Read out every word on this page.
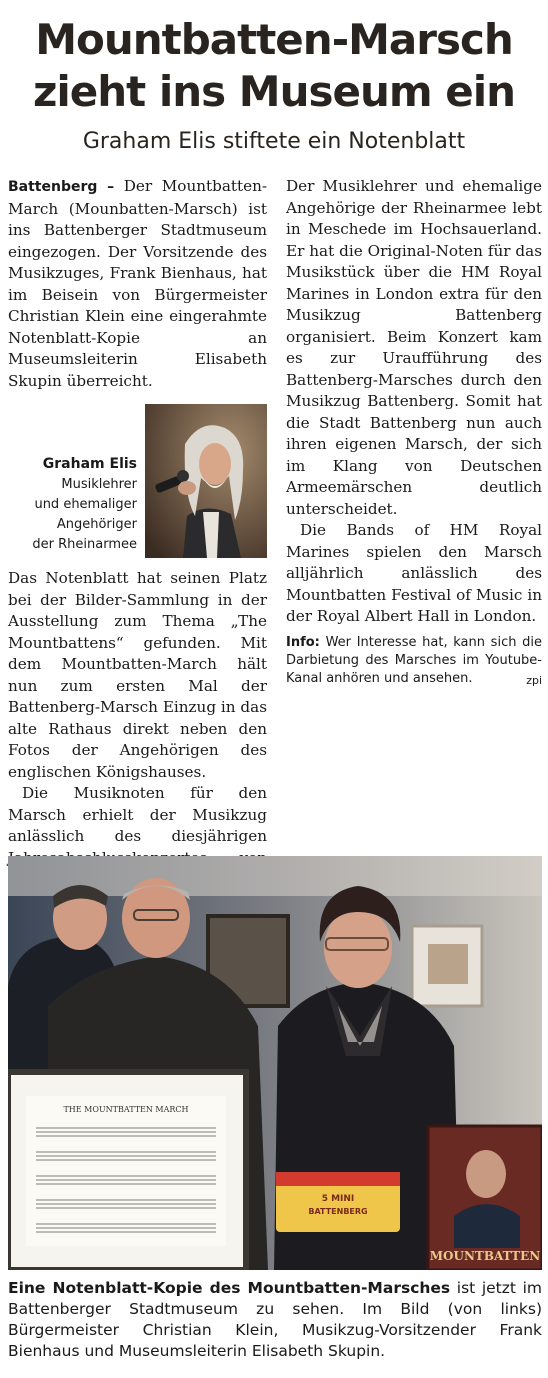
Mountbatten-Marsch
zieht ins Museum ein
Graham Elis stiftete ein Notenblatt

Battenberg – Der Mountbatten-March (Mounbatten-Marsch) ist ins Battenberger Stadtmuseum eingezogen. Der Vorsitzende des Musikzuges, Frank Bienhaus, hat im Beisein von Bürgermeister Christian Klein eine eingerahmte Notenblatt-Kopie an Museumsleiterin Elisabeth Skupin überreicht.

Graham Elis
Musiklehrer
und ehemaliger
Angehöriger
der Rheinarmee

Das Notenblatt hat seinen Platz bei der Bilder-Sammlung in der Ausstellung zum Thema „The Mountbattens“ gefunden. Mit dem Mountbatten-March hält nun zum ersten Mal der Battenberg-Marsch Einzug in das alte Rathaus direkt neben den Fotos der Angehörigen des englischen Königshauses.

Die Musiknoten für den Marsch erhielt der Musikzug anlässlich des diesjährigen

Der Musiklehrer und ehemalige Angehörige der Rheinarmee lebt in Meschede im Hochsauerland. Er hat die Original-Noten für das Musikstück über die HM Royal Marines in London extra für den Musikzug Battenberg organisiert. Beim Konzert kam es zur Uraufführung des Battenberg-Marsches durch den Musikzug Battenberg. Somit hat die Stadt Battenberg nun auch ihren eigenen Marsch, der sich im Klang von Deutschen Armeemärschen deutlich unterscheidet.

Die Bands of HM Royal Marines spielen den Marsch alljährlich anlässlich des Mountbatten Festival of Music in der Royal Albert Hall in London.

Info: Wer Interesse hat, kann sich die Darbietung des Marsches im Youtube-Kanal anhören und ansehen.	zpi
THE MOUNTBATTEN MARCH
5 MINI
BATTENBERG
MOUNTBATTEN
Eine Notenblatt-Kopie des Mountbatten-Marsches ist jetzt im Battenberger Stadtmuseum zu sehen. Im Bild (von links) Bürgermeister Christian Klein, Musikzug-Vorsitzender Frank Bienhaus und Museumsleiterin Elisabeth Skupin.
